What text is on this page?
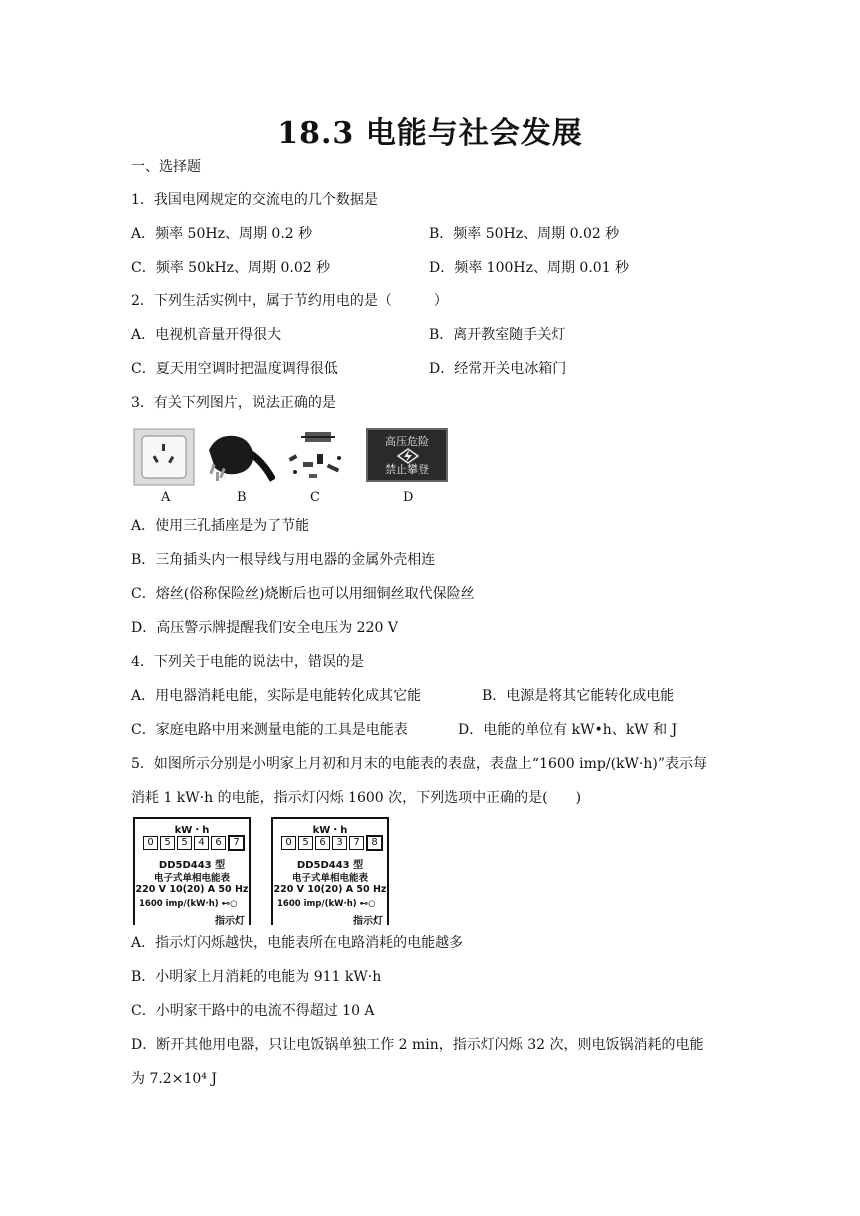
18.3 电能与社会发展
一、选择题
1．我国电网规定的交流电的几个数据是
A．频率 50Hz、周期 0.2 秒	B．频率 50Hz、周期 0.02 秒
C．频率 50kHz、周期 0.02 秒	D．频率 100Hz、周期 0.01 秒
2．下列生活实例中，属于节约用电的是（　　　）
A．电视机音量开得很大	B．离开教室随手关灯
C．夏天用空调时把温度调得很低	D．经常开关电冰箱门
3．有关下列图片，说法正确的是
A	B	C
高压危险
禁止攀登
D
A．使用三孔插座是为了节能
B．三角插头内一根导线与用电器的金属外壳相连
C．熔丝(俗称保险丝)烧断后也可以用细铜丝取代保险丝
D．高压警示牌提醒我们安全电压为 220 V
4．下列关于电能的说法中，错误的是
A．用电器消耗电能，实际是电能转化成其它能	B．电源是将其它能转化成电能
C．家庭电路中用来测量电能的工具是电能表	D．电能的单位有 kW•h、kW 和 J
5．如图所示分别是小明家上月初和月末的电能表的表盘，表盘上“1600 imp/(kW·h)”表示每
消耗 1 kW·h 的电能，指示灯闪烁 1600 次，下列选项中正确的是(　　)
kW・h
0 5 5 4 6 7
DD5D443 型
电子式单相电能表
220 V 10(20) A 50 Hz
1600 imp/(kW·h) ⊷○
指示灯
kW・h
0 5 6 3 7 8
DD5D443 型
电子式单相电能表
220 V 10(20) A 50 Hz
1600 imp/(kW·h) ⊷○
指示灯
A．指示灯闪烁越快，电能表所在电路消耗的电能越多
B．小明家上月消耗的电能为 911 kW·h
C．小明家干路中的电流不得超过 10 A
D．断开其他用电器，只让电饭锅单独工作 2 min，指示灯闪烁 32 次，则电饭锅消耗的电能
为 7.2×10⁴ J
